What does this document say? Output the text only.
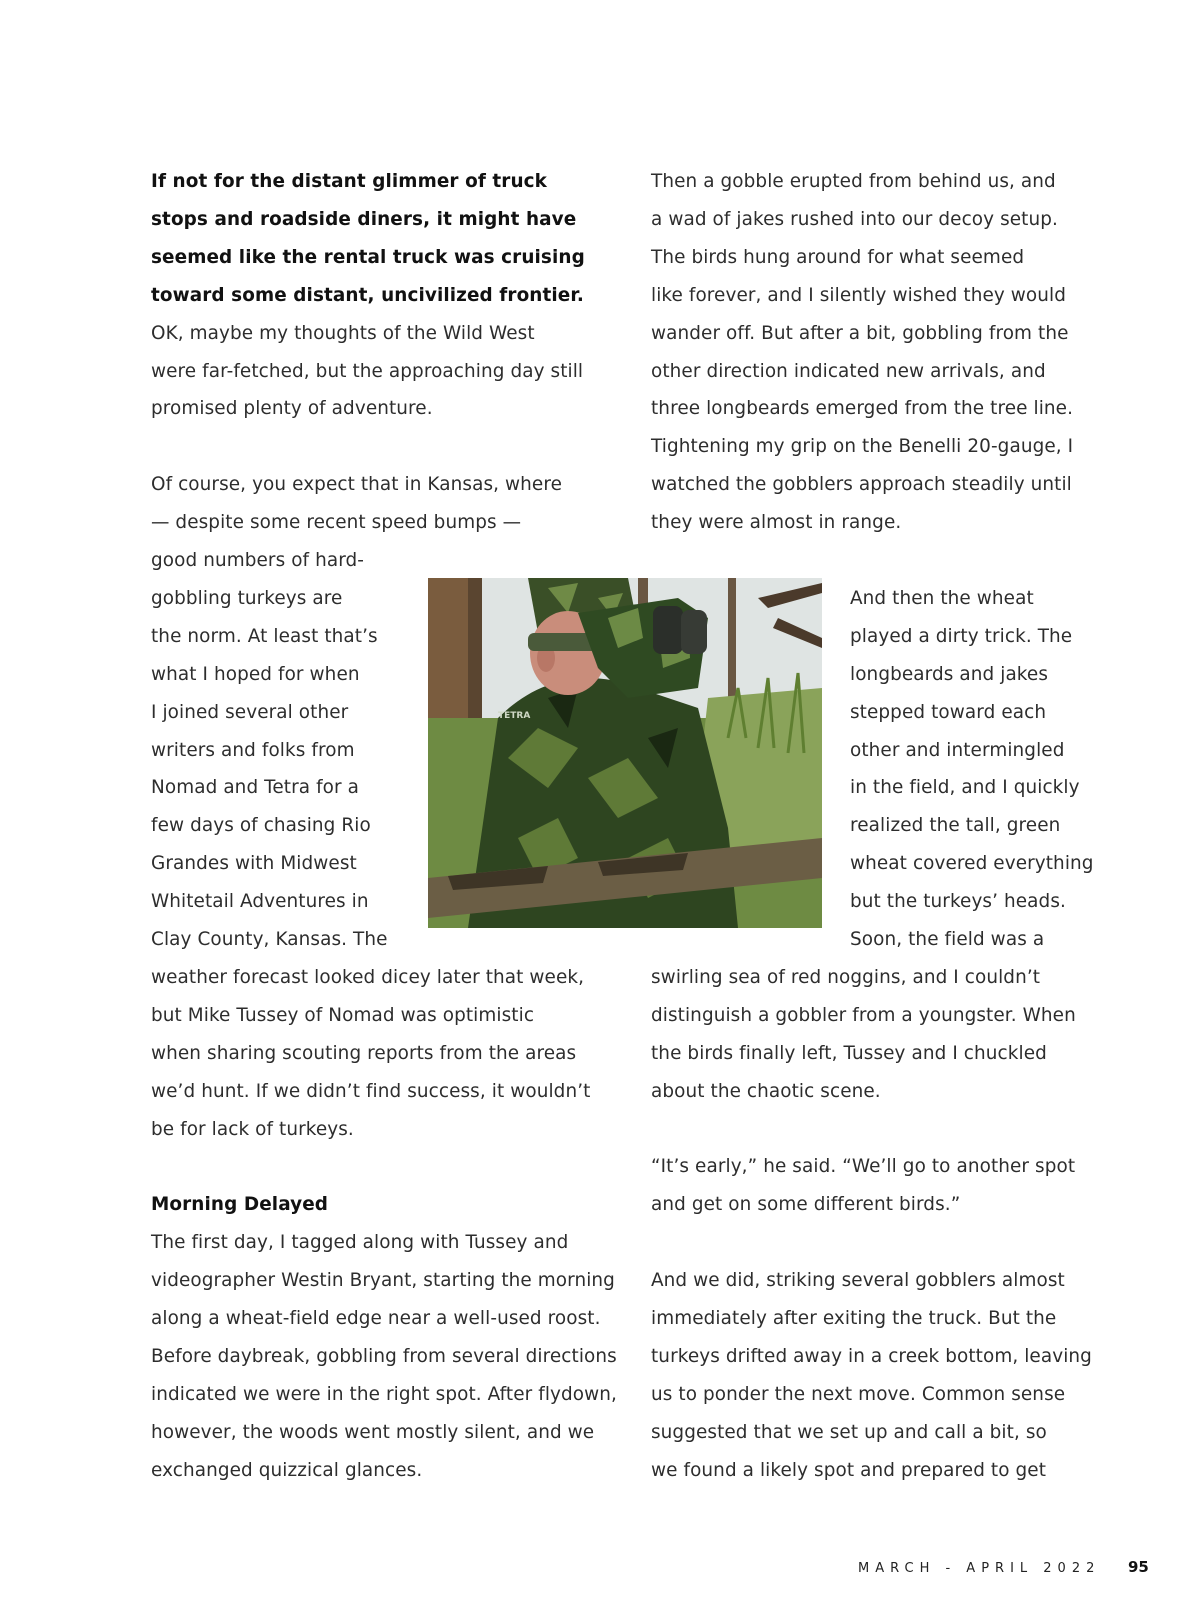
If not for the distant glimmer of truck
stops and roadside diners, it might have
seemed like the rental truck was cruising
toward some distant, uncivilized frontier.
OK, maybe my thoughts of the Wild West
were far-fetched, but the approaching day still
promised plenty of adventure.
Of course, you expect that in Kansas, where
— despite some recent speed bumps —
good numbers of hard-
gobbling turkeys are
the norm. At least that’s
what I hoped for when
I joined several other
writers and folks from
Nomad and Tetra for a
few days of chasing Rio
Grandes with Midwest
Whitetail Adventures in
Clay County, Kansas. The
weather forecast looked dicey later that week,
but Mike Tussey of Nomad was optimistic
when sharing scouting reports from the areas
we’d hunt. If we didn’t find success, it wouldn’t
be for lack of turkeys.
Morning Delayed
The first day, I tagged along with Tussey and
videographer Westin Bryant, starting the morning
along a wheat-field edge near a well-used roost.
Before daybreak, gobbling from several directions
indicated we were in the right spot. After flydown,
however, the woods went mostly silent, and we
exchanged quizzical glances.
Then a gobble erupted from behind us, and
a wad of jakes rushed into our decoy setup.
The birds hung around for what seemed
like forever, and I silently wished they would
wander off. But after a bit, gobbling from the
other direction indicated new arrivals, and
three longbeards emerged from the tree line.
Tightening my grip on the Benelli 20-gauge, I
watched the gobblers approach steadily until
they were almost in range.
And then the wheat
played a dirty trick. The
longbeards and jakes
stepped toward each
other and intermingled
in the field, and I quickly
realized the tall, green
wheat covered everything
but the turkeys’ heads.
Soon, the field was a
swirling sea of red noggins, and I couldn’t
distinguish a gobbler from a youngster. When
the birds finally left, Tussey and I chuckled
about the chaotic scene.
“It’s early,” he said. “We’ll go to another spot
and get on some different birds.”
And we did, striking several gobblers almost
immediately after exiting the truck. But the
turkeys drifted away in a creek bottom, leaving
us to ponder the next move. Common sense
suggested that we set up and call a bit, so
we found a likely spot and prepared to get
TETRA
MARCH - APRIL 2022 95
